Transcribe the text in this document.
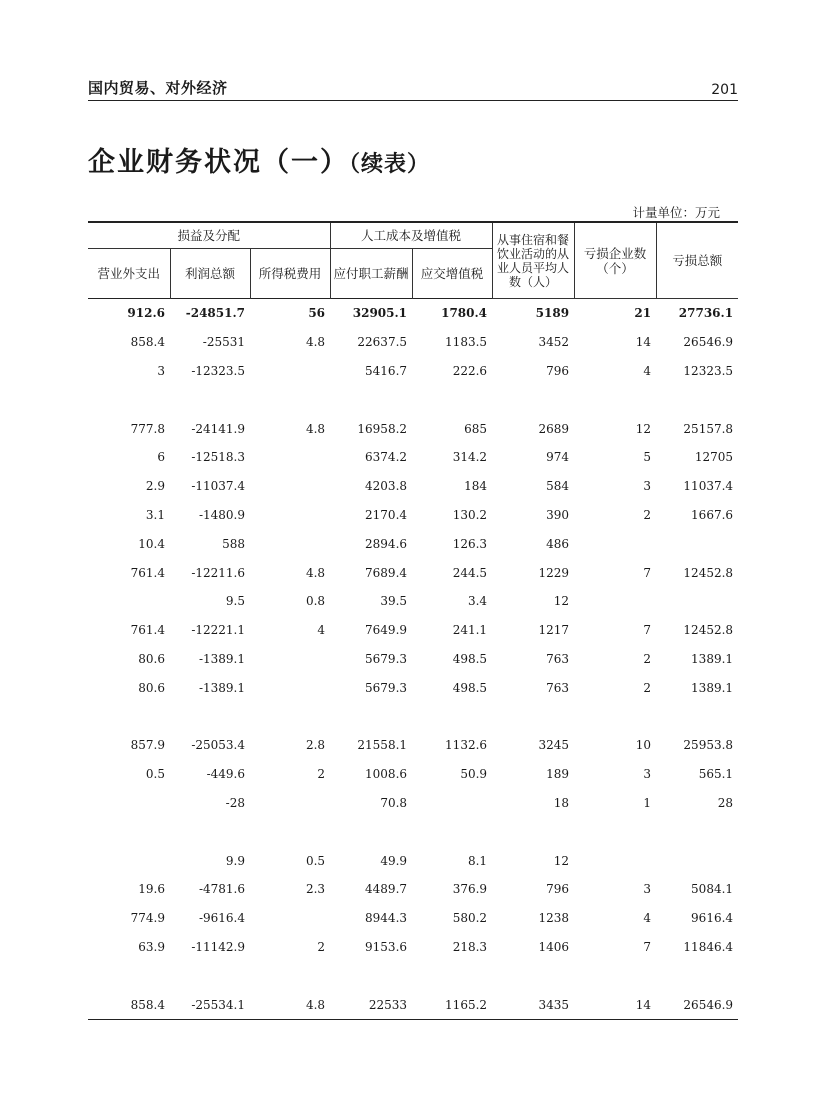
国内贸易、对外经济	201
企业财务状况（一）（续表）
计量单位：万元
损益及分配			人工成本及增值税		从事住宿和餐饮业活动的从业人员平均人数（人）	亏损企业数（个）	亏损总额
营业外支出	利润总额	所得税费用	应付职工薪酬	应交增值税			
912.6	-24851.7	56	32905.1	1780.4	5189	21	27736.1
858.4	-25531	4.8	22637.5	1183.5	3452	14	26546.9
3	-12323.5		5416.7	222.6	796	4	12323.5

777.8	-24141.9	4.8	16958.2	685	2689	12	25157.8
6	-12518.3		6374.2	314.2	974	5	12705
2.9	-11037.4		4203.8	184	584	3	11037.4
3.1	-1480.9		2170.4	130.2	390	2	1667.6
10.4	588		2894.6	126.3	486		
761.4	-12211.6	4.8	7689.4	244.5	1229	7	12452.8
	9.5	0.8	39.5	3.4	12		
761.4	-12221.1	4	7649.9	241.1	1217	7	12452.8
80.6	-1389.1		5679.3	498.5	763	2	1389.1
80.6	-1389.1		5679.3	498.5	763	2	1389.1

857.9	-25053.4	2.8	21558.1	1132.6	3245	10	25953.8
0.5	-449.6	2	1008.6	50.9	189	3	565.1
	-28		70.8		18	1	28

	9.9	0.5	49.9	8.1	12		
19.6	-4781.6	2.3	4489.7	376.9	796	3	5084.1
774.9	-9616.4		8944.3	580.2	1238	4	9616.4
63.9	-11142.9	2	9153.6	218.3	1406	7	11846.4

858.4	-25534.1	4.8	22533	1165.2	3435	14	26546.9
